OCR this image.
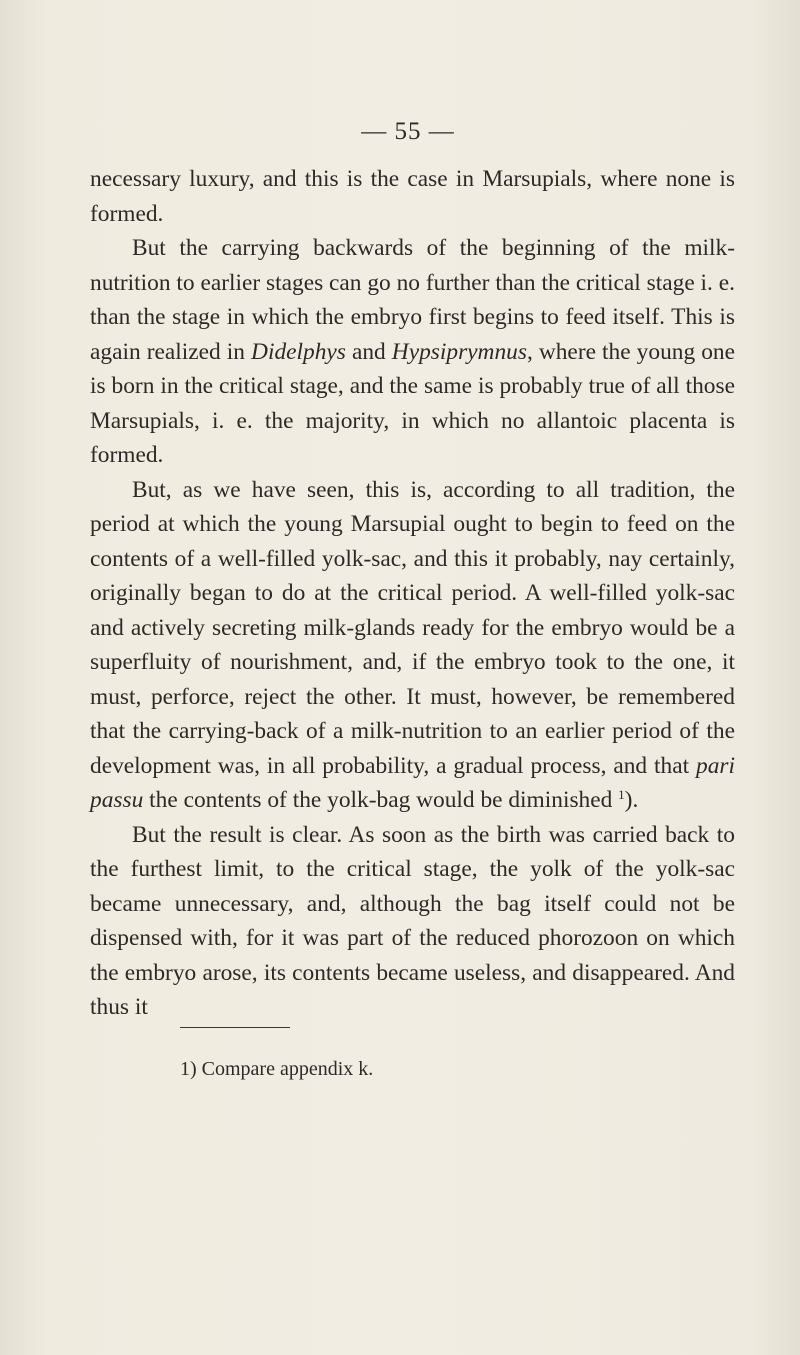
— 55 —

necessary luxury, and this is the case in Marsupials, where none is formed.

But the carrying backwards of the beginning of the milk-nutrition to earlier stages can go no further than the critical stage i. e. than the stage in which the embryo first begins to feed itself. This is again realized in Didelphys and Hypsiprymnus, where the young one is born in the critical stage, and the same is probably true of all those Marsupials, i. e. the majority, in which no allantoic placenta is formed.

But, as we have seen, this is, according to all tradition, the period at which the young Marsupial ought to begin to feed on the contents of a well-filled yolk-sac, and this it probably, nay certainly, originally began to do at the critical period. A well-filled yolk-sac and actively secreting milk-glands ready for the embryo would be a superfluity of nourishment, and, if the embryo took to the one, it must, perforce, reject the other. It must, however, be remembered that the carrying-back of a milk-nutrition to an earlier period of the development was, in all probability, a gradual process, and that pari passu the contents of the yolk-bag would be diminished $^1$).

But the result is clear. As soon as the birth was carried back to the furthest limit, to the critical stage, the yolk of the yolk-sac became unnecessary, and, although the bag itself could not be dispensed with, for it was part of the reduced phorozoon on which the embryo arose, its contents became useless, and disappeared. And thus it

1) Compare appendix k.
